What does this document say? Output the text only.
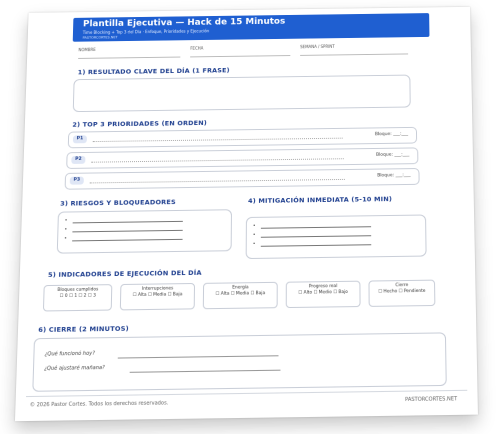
Plantilla Ejecutiva — Hack de 15 Minutos
Time Blocking + Top 3 del Día · Enfoque, Prioridades y Ejecución
PASTORCORTES.NET
NOMBRE	FECHA	SEMANA / SPRINT
1) RESULTADO CLAVE DEL DÍA (1 FRASE)
2) TOP 3 PRIORIDADES (EN ORDEN)
P1
Bloque: ___:___
P2
Bloque: ___:___
P3
Bloque: ___:___
3) RIESGOS Y BLOQUEADORES
•
•
•
4) MITIGACIÓN INMEDIATA (5-10 MIN)
•
•
•
5) INDICADORES DE EJECUCIÓN DEL DÍA
Bloques cumplidos
☐ 0 ☐ 1 ☐ 2 ☐ 3
Interrupciones
☐ Alta ☐ Media ☐ Baja
Energía
☐ Alta ☐ Media ☐ Baja
Progreso real
☐ Alto ☐ Medio ☐ Bajo
Cierre
☐ Hecho ☐ Pendiente
6) CIERRE (2 MINUTOS)
¿Qué funcionó hoy?
¿Qué ajustaré mañana?
© 2026 Pastor Cortes. Todos los derechos reservados.
PASTORCORTES.NET
